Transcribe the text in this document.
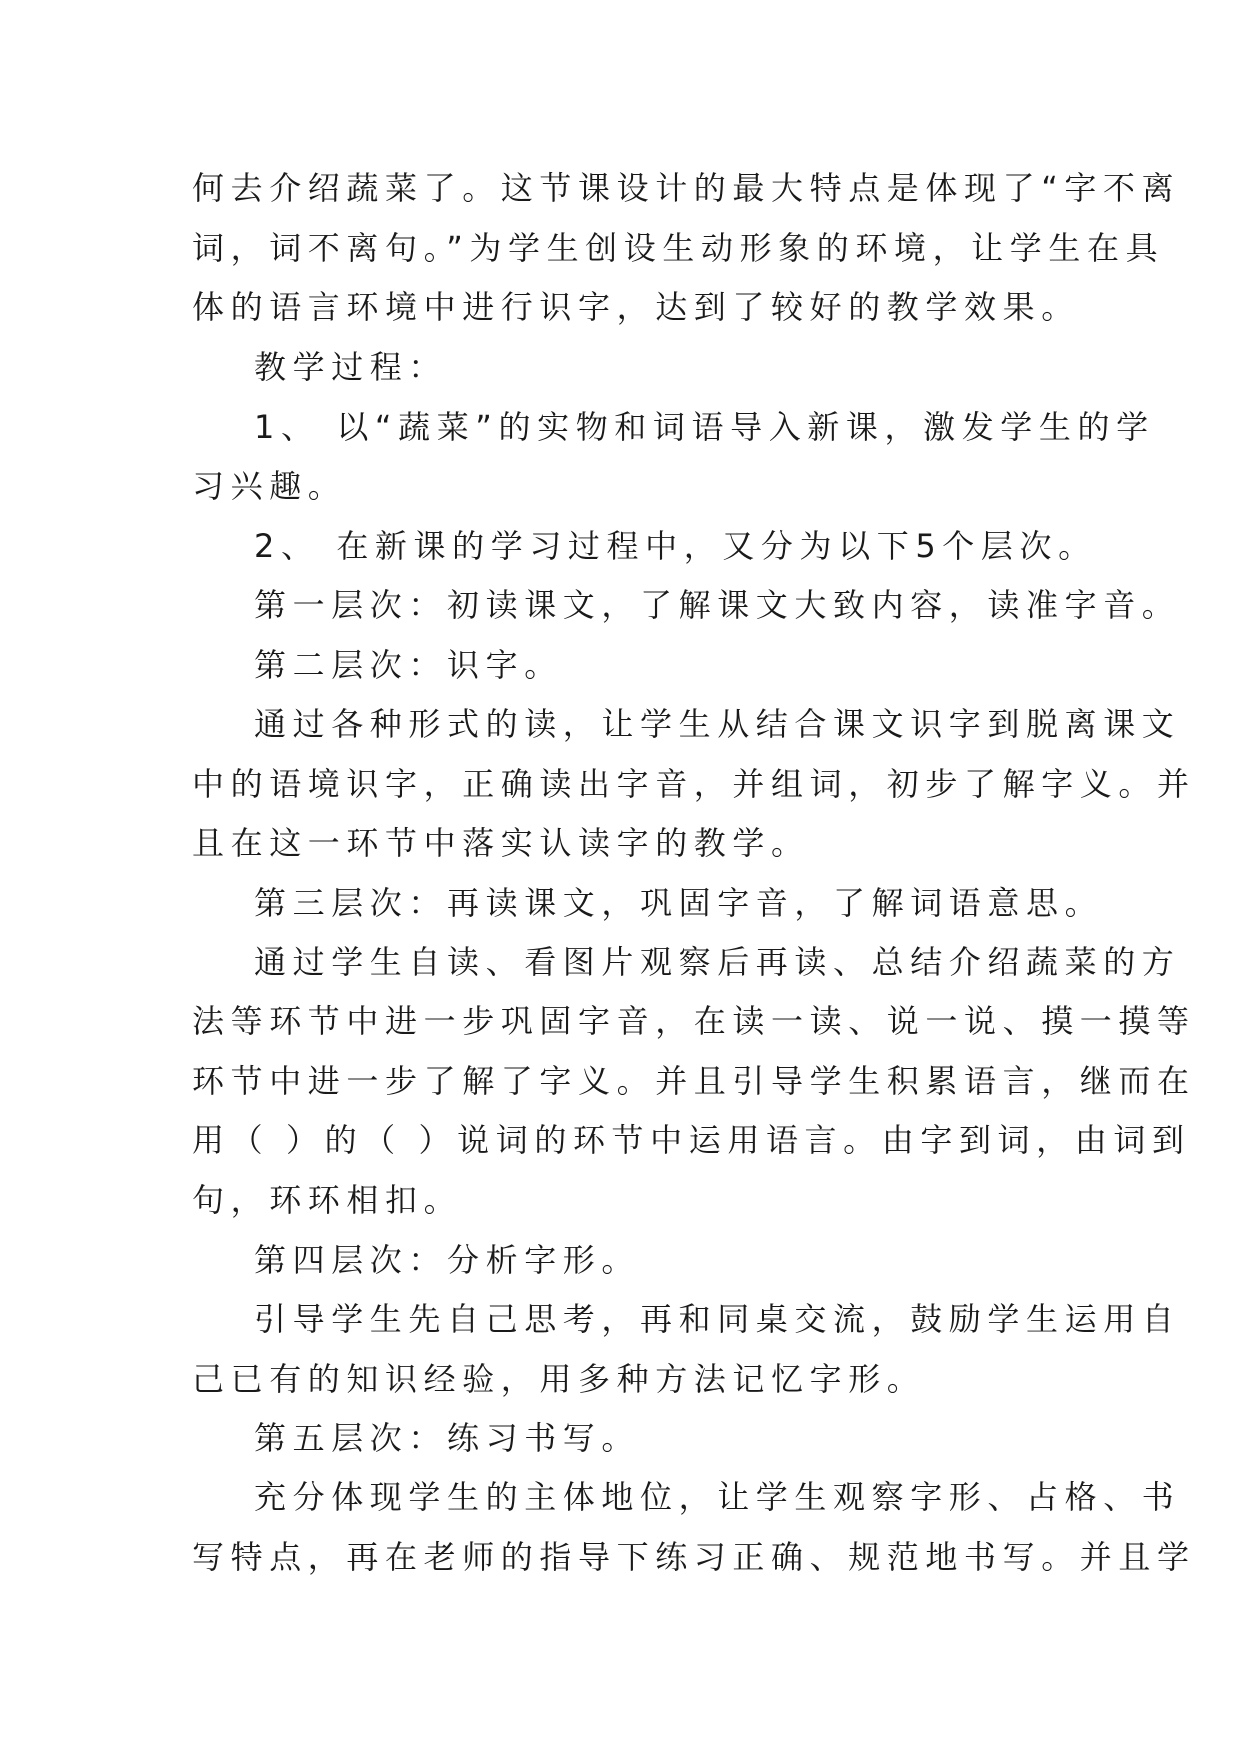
何去介绍蔬菜了。这节课设计的最大特点是体现了“字不离
词，词不离句。”为学生创设生动形象的环境，让学生在具
体的语言环境中进行识字，达到了较好的教学效果。
教学过程：
1、 以“蔬菜”的实物和词语导入新课，激发学生的学
习兴趣。
2、 在新课的学习过程中，又分为以下5个层次。
第一层次：初读课文，了解课文大致内容，读准字音。
第二层次：识字。
通过各种形式的读，让学生从结合课文识字到脱离课文
中的语境识字，正确读出字音，并组词，初步了解字义。并
且在这一环节中落实认读字的教学。
第三层次：再读课文，巩固字音，了解词语意思。
通过学生自读、看图片观察后再读、总结介绍蔬菜的方
法等环节中进一步巩固字音，在读一读、说一说、摸一摸等
环节中进一步了解了字义。并且引导学生积累语言，继而在
用（ ）的（ ）说词的环节中运用语言。由字到词，由词到
句，环环相扣。
第四层次：分析字形。
引导学生先自己思考，再和同桌交流，鼓励学生运用自
己已有的知识经验，用多种方法记忆字形。
第五层次：练习书写。
充分体现学生的主体地位，让学生观察字形、占格、书
写特点，再在老师的指导下练习正确、规范地书写。并且学
